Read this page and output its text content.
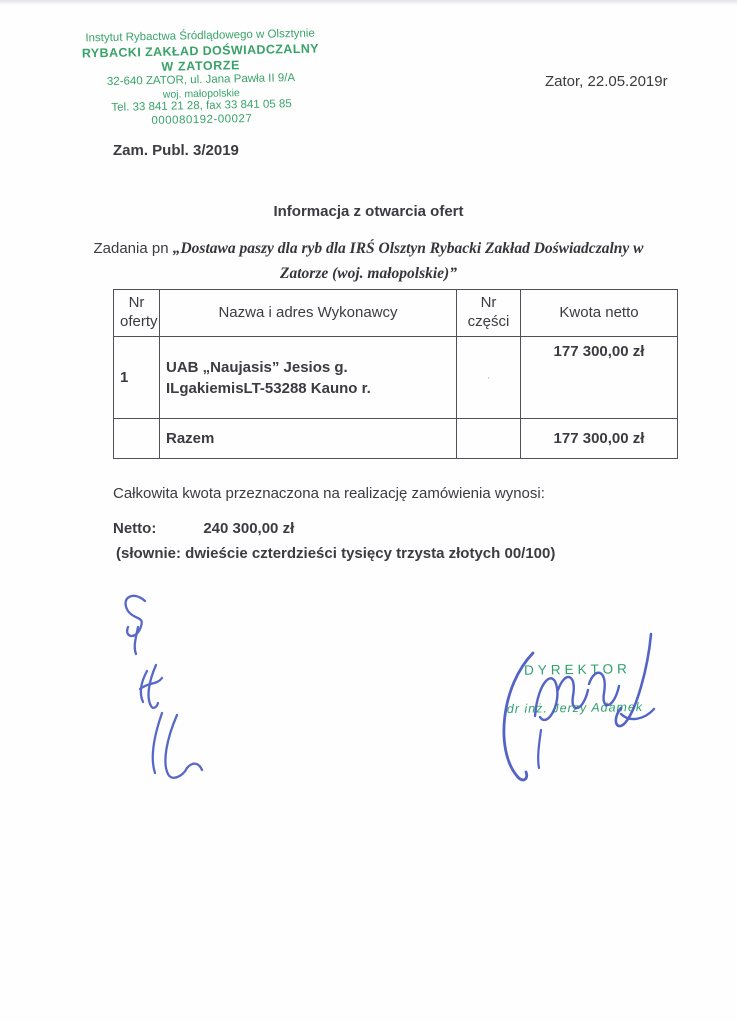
Instytut Rybactwa Śródlądowego w Olsztynie
RYBACKI ZAKŁAD DOŚWIADCZALNY
W ZATORZE
32-640 ZATOR, ul. Jana Pawła II 9/A
woj. małopolskie
Tel. 33 841 21 28, fax 33 841 05 85
000080192-00027
Zator, 22.05.2019r
Zam. Publ. 3/2019
Informacja z otwarcia ofert
Zadania pn „Dostawa paszy dla ryb dla IRŚ Olsztyn Rybacki Zakład Doświadczalny w Zatorze (woj. małopolskie)”
Nr oferty	Nazwa i adres Wykonawcy	Nr części	Kwota netto
1	UAB „Naujasis” Jesios g. ILgakiemisLT-53288 Kauno r.	·	177 300,00 zł
	Razem		177 300,00 zł
Całkowita kwota przeznaczona na realizację zamówienia wynosi:
Netto:	240 300,00 zł
(słownie: dwieście czterdzieści tysięcy trzysta złotych 00/100)
DYREKTOR
dr inż. Jerzy Adamek
